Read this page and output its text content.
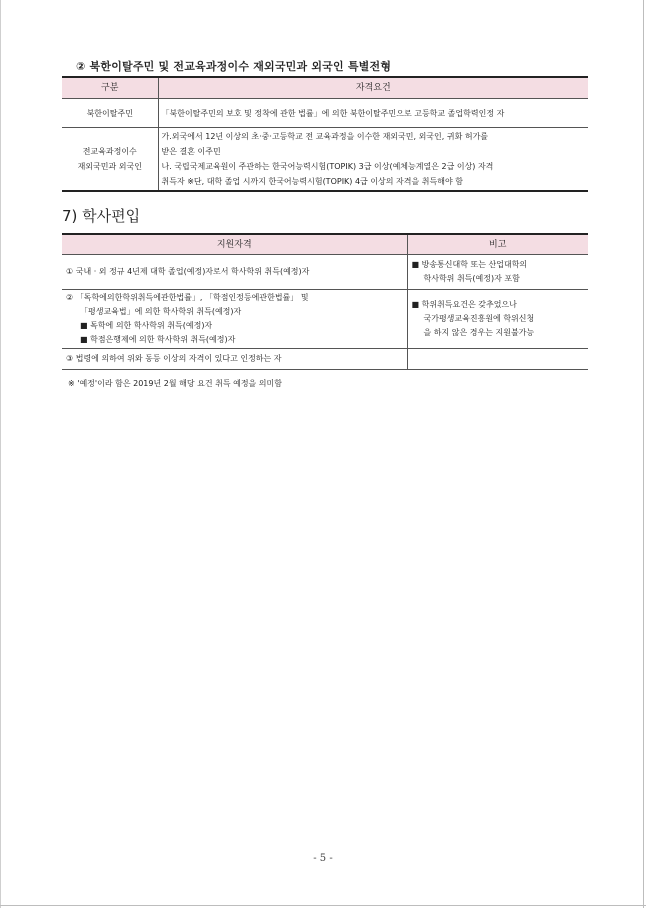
② 북한이탈주민 및 전교육과정이수 재외국민과 외국인 특별전형
구분	자격요건

북한이탈주민	「북한이탈주민의 보호 및 정착에 관한 법률」에 의한 북한이탈주민으로 고등학교 졸업학력인정 자

전교육과정이수
재외국민과 외국인	가.외국에서 12년 이상의 초·중·고등학교 전 교육과정을 이수한 재외국민, 외국인, 귀화 허가를
받은 결혼 이주민
나. 국립국제교육원이 주관하는 한국어능력시험(TOPIK) 3급 이상(예체능계열은 2급 이상) 자격
취득자 ※단, 대학 졸업 시까지 한국어능력시험(TOPIK) 4급 이상의 자격을 취득해야 함
7) 학사편입
지원자격	비고

① 국내 · 외 정규 4년제 대학 졸업(예정)자로서 학사학위 취득(예정)자	■ 방송통신대학 또는 산업대학의
학사학위 취득(예정)자 포함

② 「독학에의한학위취득에관한법률」, 「학점인정등에관한법률」 및
「평생교육법」에 의한 학사학위 취득(예정)자
■ 독학에 의한 학사학위 취득(예정)자
■ 학점은행제에 의한 학사학위 취득(예정)자	■ 학위취득요건은 갖추었으나
국가평생교육진흥원에 학위신청
을 하지 않은 경우는 지원불가능

③ 법령에 의하여 위와 동등 이상의 자격이 있다고 인정하는 자	

※ '예정'이라 함은 2019년 2월 해당 요건 취득 예정을 의미함
- 5 -
